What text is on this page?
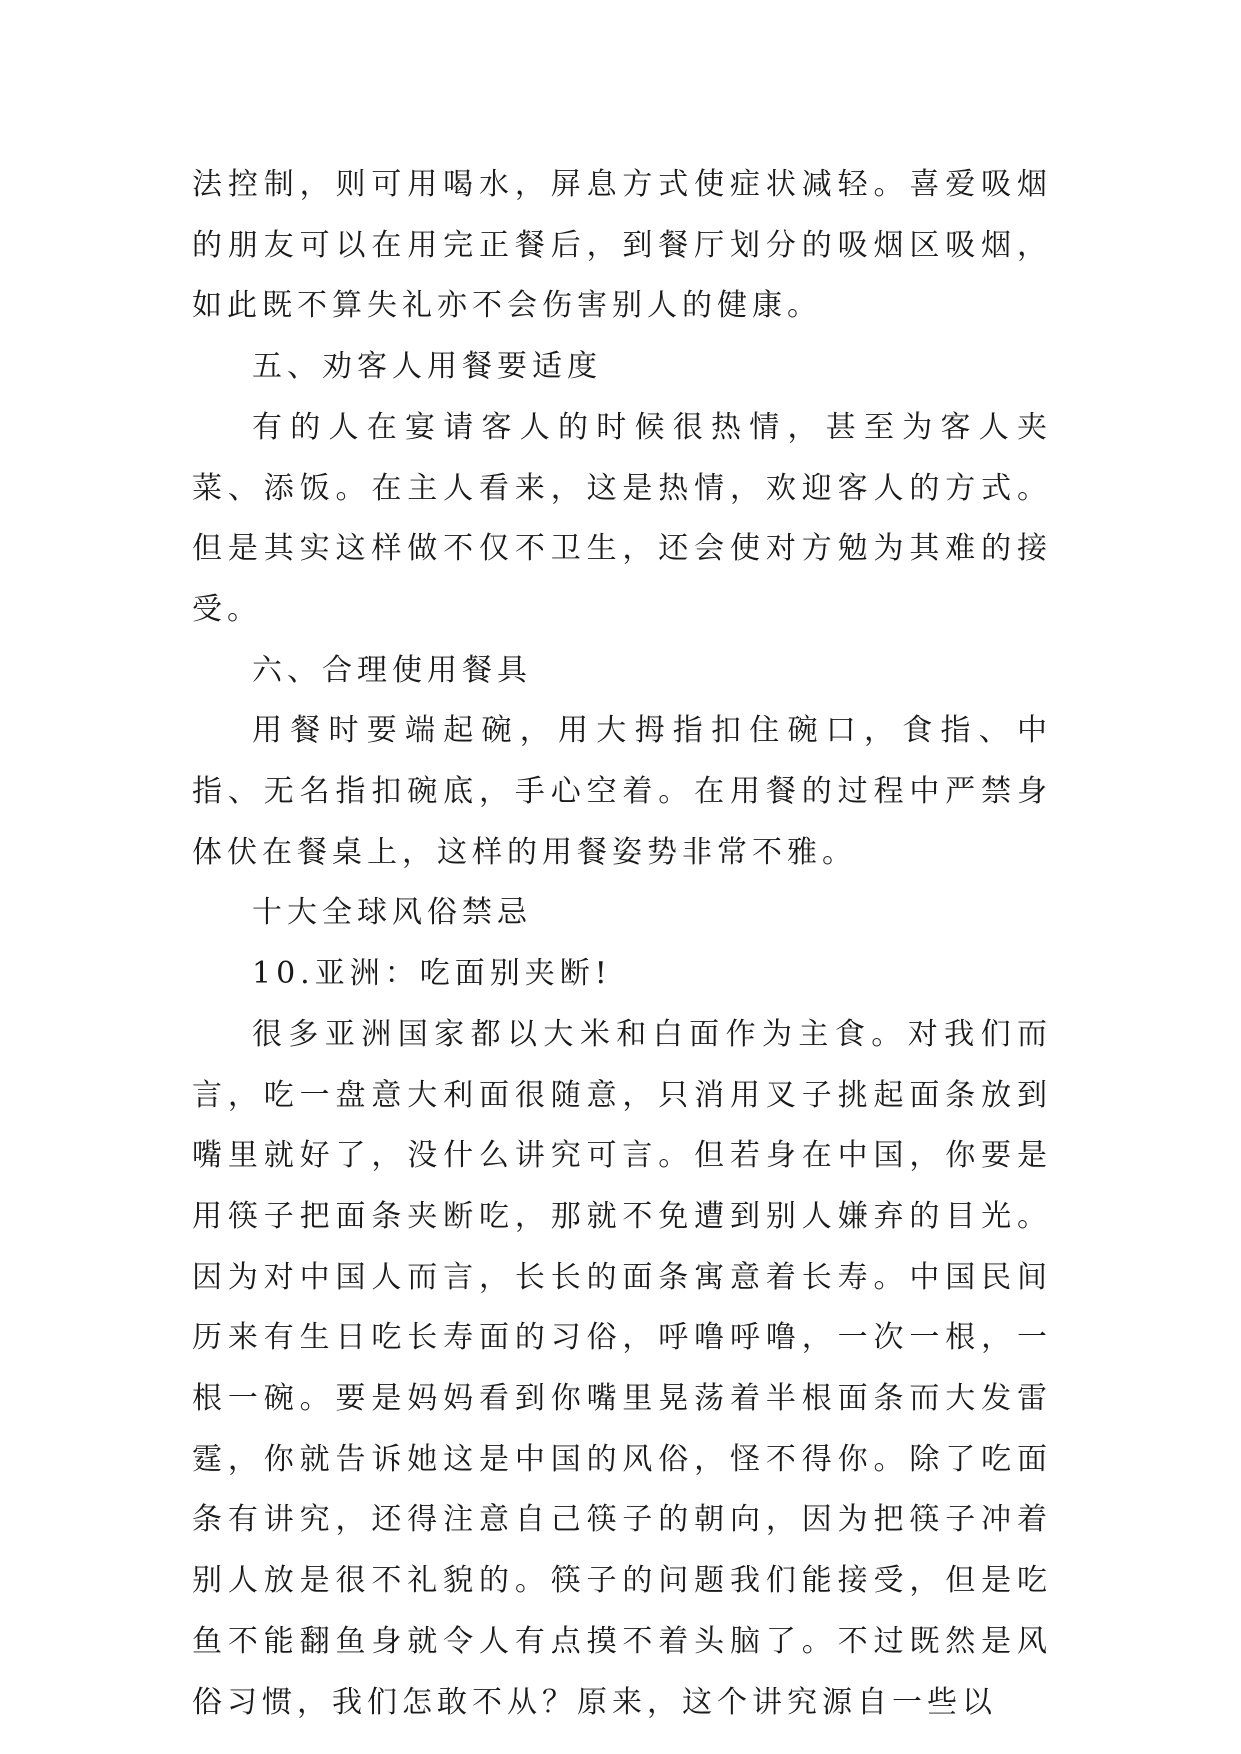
法控制，则可用喝水，屏息方式使症状减轻。喜爱吸烟的朋友可以在用完正餐后，到餐厅划分的吸烟区吸烟，如此既不算失礼亦不会伤害别人的健康。

五、劝客人用餐要适度

有的人在宴请客人的时候很热情，甚至为客人夹菜、添饭。在主人看来，这是热情，欢迎客人的方式。但是其实这样做不仅不卫生，还会使对方勉为其难的接受。

六、合理使用餐具

用餐时要端起碗，用大拇指扣住碗口，食指、中指、无名指扣碗底，手心空着。在用餐的过程中严禁身体伏在餐桌上，这样的用餐姿势非常不雅。

十大全球风俗禁忌

10.亚洲：吃面别夹断!

很多亚洲国家都以大米和白面作为主食。对我们而言，吃一盘意大利面很随意，只消用叉子挑起面条放到嘴里就好了，没什么讲究可言。但若身在中国，你要是用筷子把面条夹断吃，那就不免遭到别人嫌弃的目光。因为对中国人而言，长长的面条寓意着长寿。中国民间历来有生日吃长寿面的习俗，呼噜呼噜，一次一根，一根一碗。要是妈妈看到你嘴里晃荡着半根面条而大发雷霆，你就告诉她这是中国的风俗，怪不得你。除了吃面条有讲究，还得注意自己筷子的朝向，因为把筷子冲着别人放是很不礼貌的。筷子的问题我们能接受，但是吃鱼不能翻鱼身就令人有点摸不着头脑了。不过既然是风俗习惯，我们怎敢不从？原来，这个讲究源自一些以
